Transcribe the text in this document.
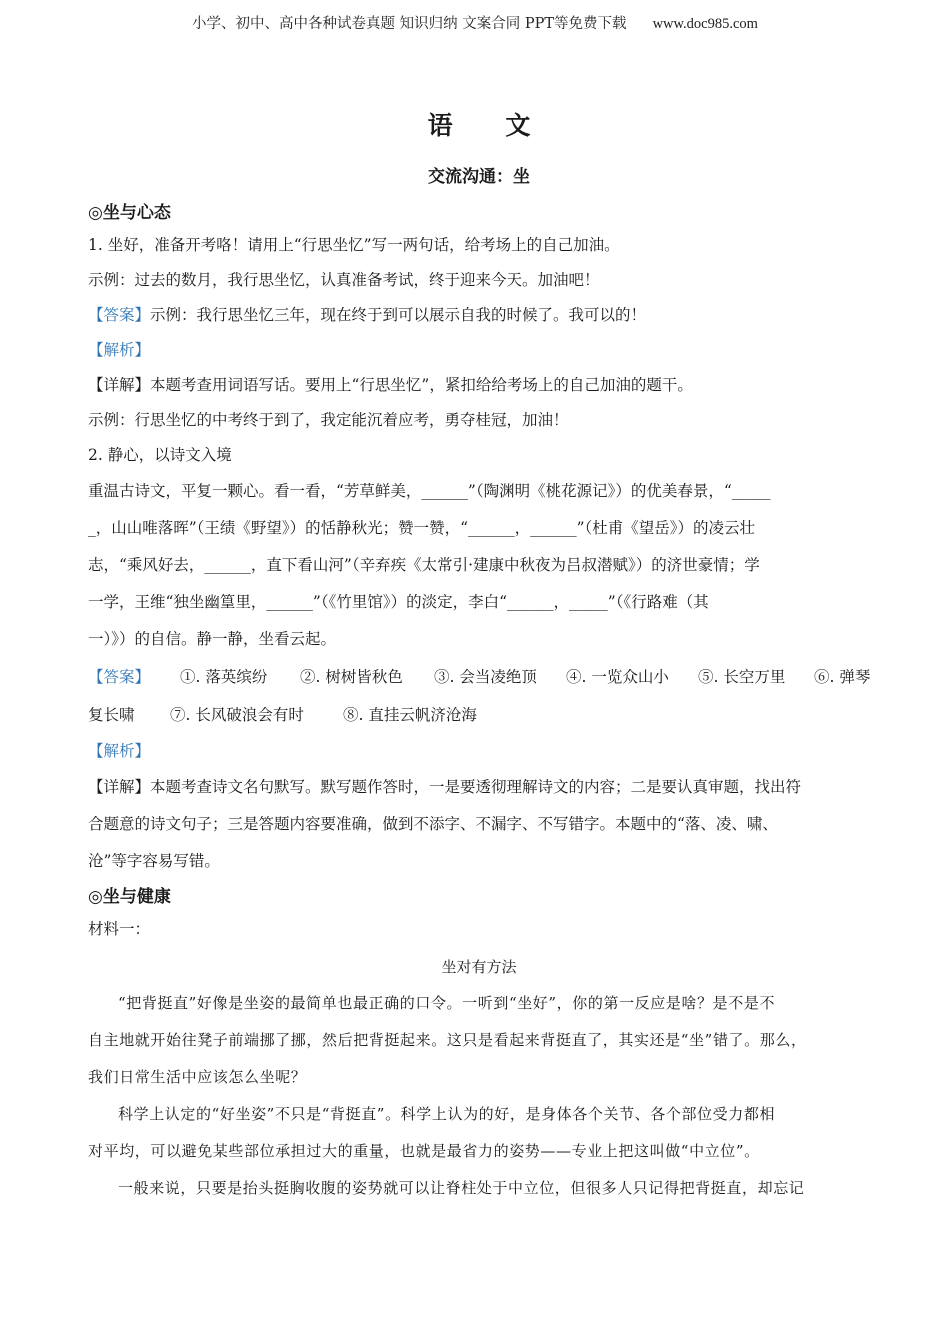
小学、初中、高中各种试卷真题 知识归纳 文案合同 PPT等免费下载 www.doc985.com
语 文
交流沟通：坐
◎坐与心态

1. 坐好，准备开考咯！请用上“行思坐忆”写一两句话，给考场上的自己加油。

示例：过去的数月，我行思坐忆，认真准备考试，终于迎来今天。加油吧！

【答案】示例：我行思坐忆三年，现在终于到可以展示自我的时候了。我可以的！

【解析】

【详解】本题考查用词语写话。要用上“行思坐忆”，紧扣给给考场上的自己加油的题干。

示例：行思坐忆的中考终于到了，我定能沉着应考，勇夺桂冠，加油！

2. 静心，以诗文入境

重温古诗文，平复一颗心。看一看，“芳草鲜美，______”（陶渊明《桃花源记》）的优美春景，“_____

_，山山唯落晖”（王绩《野望》）的恬静秋光；赞一赞，“______，______”（杜甫《望岳》）的凌云壮

志，“乘风好去，______，直下看山河”（辛弃疾《太常引·建康中秋夜为吕叔潜赋》）的济世豪情；学

一学，王维“独坐幽篁里，______”（《竹里馆》）的淡定，李白“______，_____”（《行路难（其

一）》）的自信。静一静，坐看云起。

【答案】 ①. 落英缤纷 ②. 树树皆秋色 ③. 会当凌绝顶 ④. 一览众山小 ⑤. 长空万里 ⑥. 弹琴
复长啸 ⑦. 长风破浪会有时	⑧. 直挂云帆济沧海

【解析】

【详解】本题考查诗文名句默写。默写题作答时，一是要透彻理解诗文的内容；二是要认真审题，找出符

合题意的诗文句子；三是答题内容要准确，做到不添字、不漏字、不写错字。本题中的“落、凌、啸、

沧”等字容易写错。

◎坐与健康

材料一：

坐对有方法

“把背挺直”好像是坐姿的最简单也最正确的口令。一听到“坐好”，你的第一反应是啥？是不是不

自主地就开始往凳子前端挪了挪，然后把背挺起来。这只是看起来背挺直了，其实还是“坐”错了。那么，

我们日常生活中应该怎么坐呢？

科学上认定的“好坐姿”不只是“背挺直”。科学上认为的好，是身体各个关节、各个部位受力都相

对平均，可以避免某些部位承担过大的重量，也就是最省力的姿势——专业上把这叫做“中立位”。

一般来说，只要是抬头挺胸收腹的姿势就可以让脊柱处于中立位，但很多人只记得把背挺直，却忘记
